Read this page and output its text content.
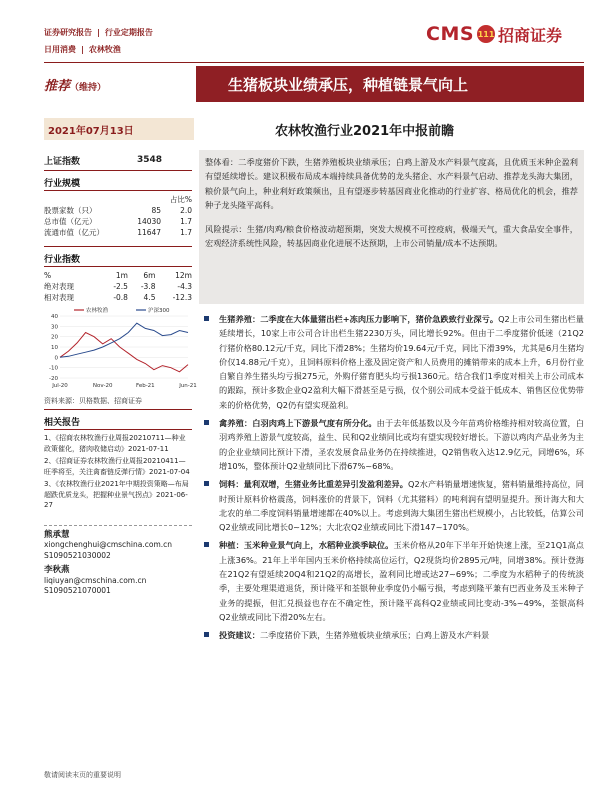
证券研究报告 | 行业定期报告
日用消费 | 农林牧渔
CMS 111 招商证券
推荐（维持）	生猪板块业绩承压，种植链景气向上
2021年07月13日	农林牧渔行业2021年中报前瞻
上证指数	3548
行业规模
		占比%
股票家数（只）	85	2.0
总市值（亿元）	14030	1.7
流通市值（亿元）	11647	1.7
行业指数
%	1m	6m	12m
绝对表现	-2.5	-3.8	-4.3
相对表现	-0.8	4.5	-12.3
40
30
20
10
0
-10
-20
Jul-20	Nov-20	Feb-21	Jun-21
农林牧渔	沪深300
资料来源：贝格数据、招商证券
相关报告
1、《招商农林牧渔行业周报20210711—种业政策催化，猪肉收储启动》2021-07-11
2、《招商证券农林牧渔行业周报20210411—旺季将至，关注禽畜链反弹行情》2021-07-04
3、《农林牧渔行业2021年中期投资策略—布局超跌优质龙头，把握种业景气拐点》2021-06-27
熊承慧
xiongchenghui@cmschina.com.cn
S1090521030002
李秋燕
liqiuyan@cmschina.com.cn
S1090521070001
整体看：二季度猪价下跌，生猪养殖板块业绩承压；白鸡上游及水产料景气度高，且优质玉米种企盈利有望延续增长。建议积极布局成本端持续具备优势的龙头猪企、水产料景气启动、推荐龙头海大集团，粮价景气向上，种业利好政策频出，且有望逐步转基因商业化推动的行业扩容、格局优化的机会，推荐种子龙头隆平高科。
风险提示：生猪/肉鸡/粮食价格波动超预期，突发大规模不可控疫病，极端天气，重大食品安全事件，宏观经济系统性风险，转基因商业化进展不达预期，上市公司销量/成本不达预期。
生猪养殖：二季度在大体量猪出栏+冻肉压力影响下，猪价急跌致行业深亏。Q2上市公司生猪出栏量延续增长，10家上市公司合计出栏生猪2230万头，同比增长92%。但由于二季度猪价低迷（21Q2行猪价格80.12元/千克，同比下滑28%；生猪均价19.64元/千克，同比下滑39%，尤其是6月生猪均价仅14.88元/千克），且饲料原料价格上涨及固定资产和人员费用的摊销带来的成本上升，6月份行业自繁自养生猪头均亏损275元，外购仔猪育肥头均亏损1360元。结合我们1季度对相关上市公司成本的跟踪，预计多数企业Q2盈利大幅下滑甚至是亏损，仅个别公司成本受益于低成本、销售区位优势带来的价格优势，Q2仍有望实现盈利。
禽养殖：白羽肉鸡上下游景气度有所分化。由于去年低基数以及今年苗鸡价格维持相对较高位置，白羽鸡养殖上游景气度较高，益生、民和Q2业绩同比或均有望实现较好增长。下游以鸡肉产品业务为主的企业业绩同比预计下滑，圣农发展食品业务仍在持续推进，Q2销售收入达12.9亿元，同增6%，环增10%，整体预计Q2业绩同比下滑67%~68%。
饲料：量利双增，生猪业务比重差异引发盈利差异。Q2水产料销量增速恢复，猪料销量维持高位，同时预计原料价格震荡，饲料涨价的背景下，饲料（尤其猪料）的吨利润有望明显提升。预计海大和大北农的单二季度饲料销量增速都在40%以上。考虑到海大集团生猪出栏规模小，占比较低，估算公司Q2业绩或同比增长0~12%；大北农Q2业绩或同比下滑147~170%。
种植：玉米种业景气向上，水稻种业淡季缺位。玉米价格从20年下半年开始快速上涨，至21Q1高点上涨36%。21年上半年国内玉米价格持续高位运行，Q2现货均价2895元/吨，同增38%。预计登海在21Q2有望延续20Q4和21Q2的高增长，盈利同比增或达27~69%；二季度为水稻种子的传统淡季，主要处理渠道退货，预计隆平和荃银种业季度仍小幅亏损，考虑到隆平兼有巴西业务及玉米种子业务的提振，但汇兑损益也存在不确定性，预计隆平高科Q2业绩或同比变动-3%~49%，荃银高科Q2业绩或同比下滑20%左右。
投资建议：二季度猪价下跌，生猪养殖板块业绩承压；白鸡上游及水产料景
敬请阅读末页的重要说明
